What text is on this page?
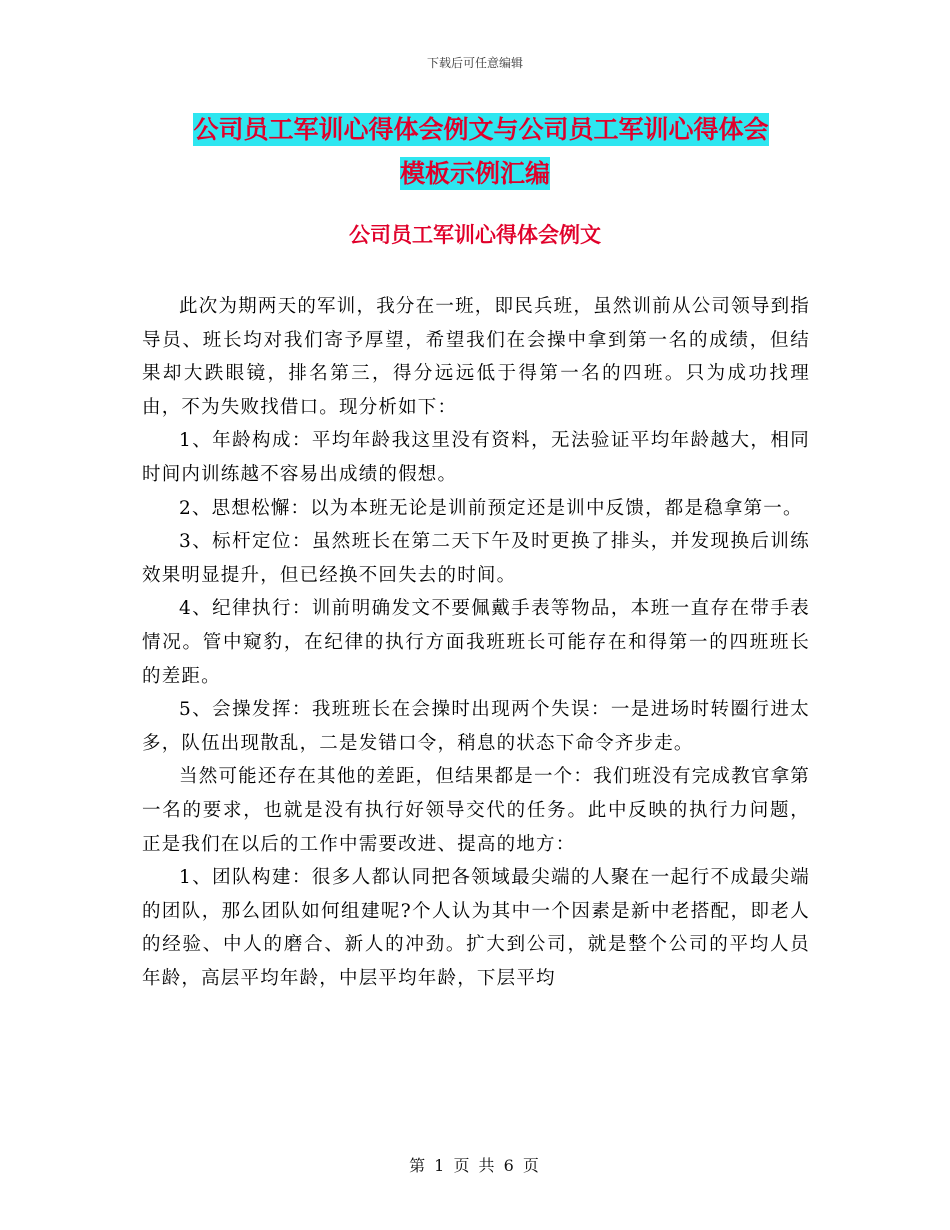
下载后可任意编辑
公司员工军训心得体会例文与公司员工军训心得体会
模板示例汇编
公司员工军训心得体会例文

此次为期两天的军训，我分在一班，即民兵班，虽然训前从公司领导到指导员、班长均对我们寄予厚望，希望我们在会操中拿到第一名的成绩，但结果却大跌眼镜，排名第三，得分远远低于得第一名的四班。只为成功找理由，不为失败找借口。现分析如下：

1、年龄构成：平均年龄我这里没有资料，无法验证平均年龄越大，相同时间内训练越不容易出成绩的假想。

2、思想松懈：以为本班无论是训前预定还是训中反馈，都是稳拿第一。

3、标杆定位：虽然班长在第二天下午及时更换了排头，并发现换后训练效果明显提升，但已经换不回失去的时间。

4、纪律执行：训前明确发文不要佩戴手表等物品，本班一直存在带手表情况。管中窥豹，在纪律的执行方面我班班长可能存在和得第一的四班班长的差距。

5、会操发挥：我班班长在会操时出现两个失误：一是进场时转圈行进太多，队伍出现散乱，二是发错口令，稍息的状态下命令齐步走。

当然可能还存在其他的差距，但结果都是一个：我们班没有完成教官拿第一名的要求，也就是没有执行好领导交代的任务。此中反映的执行力问题，正是我们在以后的工作中需要改进、提高的地方：

1、团队构建：很多人都认同把各领域最尖端的人聚在一起行不成最尖端的团队，那么团队如何组建呢?个人认为其中一个因素是新中老搭配，即老人的经验、中人的磨合、新人的冲劲。扩大到公司，就是整个公司的平均人员年龄，高层平均年龄，中层平均年龄，下层平均

第 1 页 共 6 页
